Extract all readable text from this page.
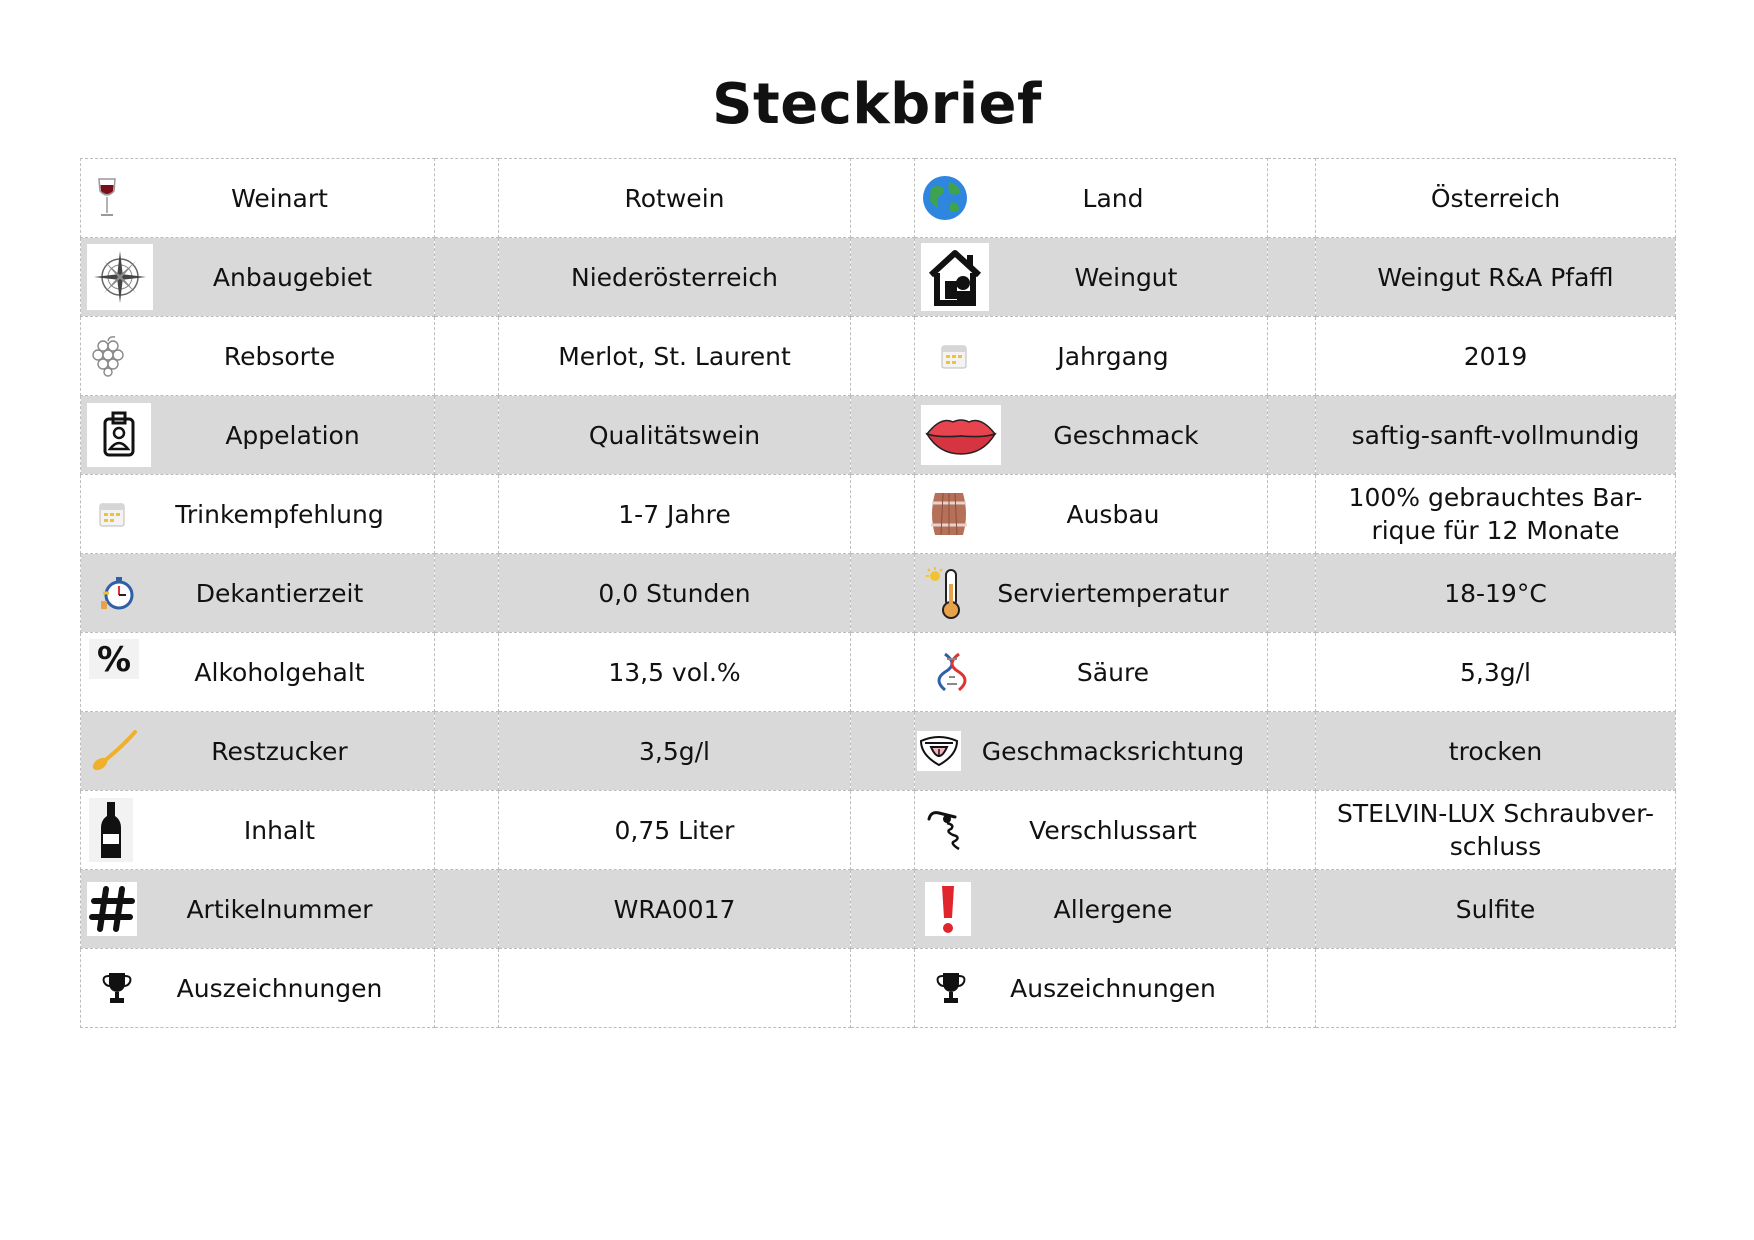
Steckbrief
Weinart		Rotwein		Land		Österreich

Anbaugebiet		Niederösterreich		Weingut		Weingut R&A Pfaffl

Rebsorte		Merlot, St. Laurent		Jahrgang		2019

Appelation		Qualitätswein		Geschmack		saftig-sanft-vollmundig

Trinkempfehlung		1-7 Jahre		Ausbau		100% gebrauchtes Bar-rique für 12 Monate

Dekantierzeit		0,0 Stunden		Serviertemperatur		18-19°C

% Alkoholgehalt		13,5 vol.%		Säure		5,3g/l

Restzucker		3,5g/l		Geschmacksrichtung		trocken

Inhalt		0,75 Liter		Verschlussart		STELVIN-LUX Schraubver-schluss

Artikelnummer		WRA0017		Allergene		Sulfite

Auszeichnungen				Auszeichnungen		
